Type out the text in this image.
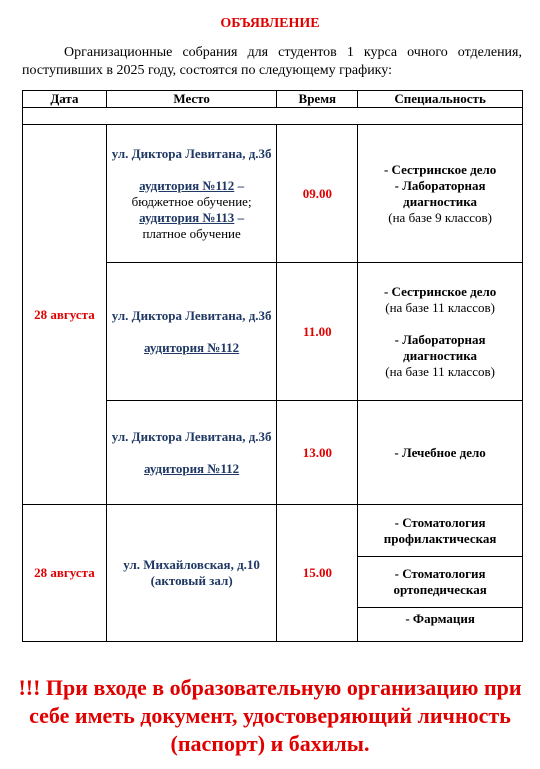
ОБЪЯВЛЕНИЕ
Организационные собрания для студентов 1 курса очного отделения, поступивших в 2025 году, состоятся по следующему графику:
Дата	Место	Время	Специальность

28 августа	ул. Диктора Левитана, д.3б
аудитория №112 – бюджетное обучение;
аудитория №113 –
платное обучение	09.00	- Сестринское дело
- Лабораторная диагностика
(на базе 9 классов)
	ул. Диктора Левитана, д.3б
аудитория №112	11.00	- Сестринское дело
(на базе 11 классов)
- Лабораторная диагностика
(на базе 11 классов)
	ул. Диктора Левитана, д.3б
аудитория №112	13.00	- Лечебное дело
28 августа	ул. Михайловская, д.10
(актовый зал)	15.00	- Стоматология профилактическая
			- Стоматология ортопедическая
			- Фармация
!!! При входе в образовательную организацию при себе иметь документ, удостоверяющий личность (паспорт) и бахилы.
